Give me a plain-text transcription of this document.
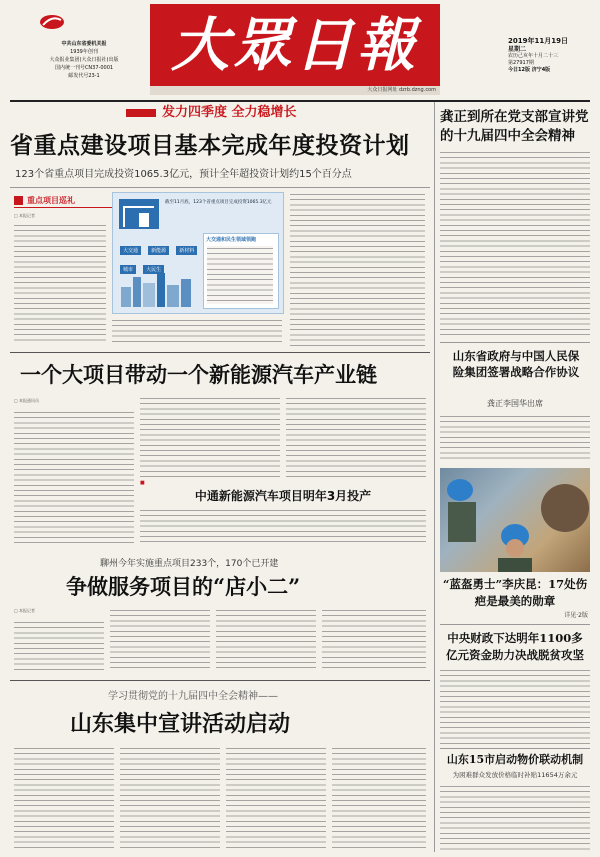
中共山东省委机关报
1939年创刊
大众报业集团(大众日报社)出版
国内统一刊号CN37-0001
邮发代号23-1	大眾日報
大众日报网址 dzrb.dzng.com
2019年11月19日
星期二
农历己亥年十月二十三
第27917期
今日12版 济宁4版
发力四季度 全力稳增长
省重点建设项目基本完成年度投资计划
123个省重点项目完成投资1065.3亿元，预计全年超投资计划约15个百分点
重点项目巡礼
□ 本报记者
截至11月底，123个省重点项目完成投资1065.3亿元
大交通	新能源	新材料 城市	大民生
大交通和民生领域领跑
一个大项目带动一个新能源汽车产业链
□ 本报通讯员
■
中通新能源汽车项目明年3月投产
聊州今年实施重点项目233个，170个已开建
争做服务项目的“店小二”
□ 本报记者
学习贯彻党的十九届四中全会精神——
山东集中宣讲活动启动
龚正到所在党支部宣讲党的十九届四中全会精神
山东省政府与中国人民保险集团签署战略合作协议
龚正李国华出席
“蓝盔勇士”李庆昆：17处伤疤是最美的勋章
详见·2版
中央财政下达明年1100多亿元资金助力决战脱贫攻坚
山东15市启动物价联动机制
为困难群众发放价格临时补贴11654万余元
